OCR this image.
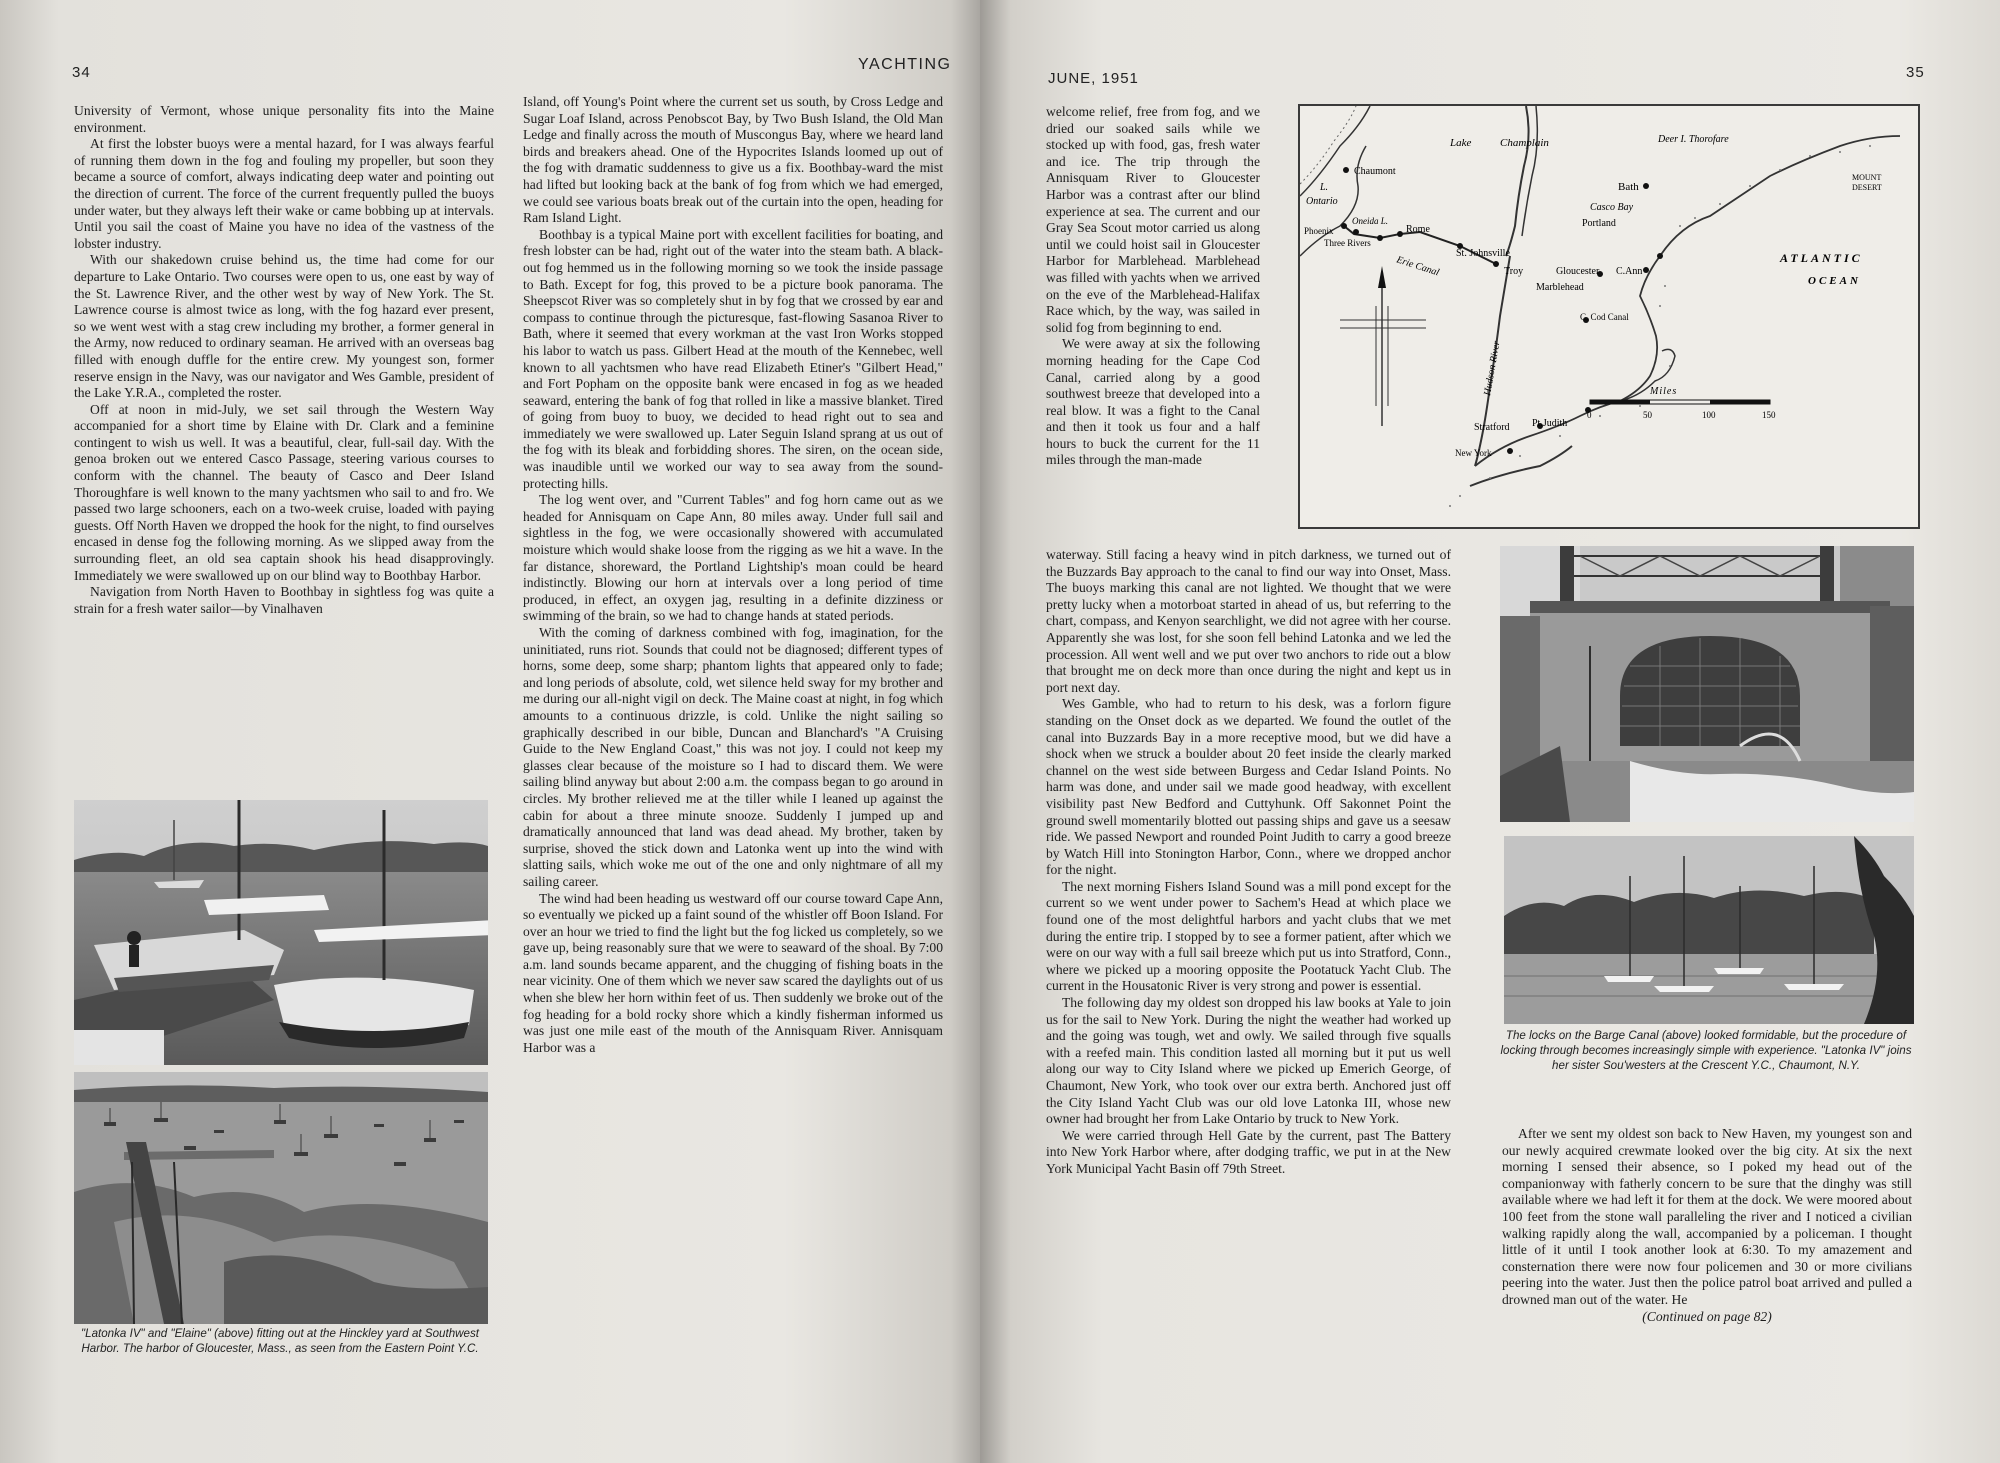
34	YACHTING

University of Vermont, whose unique personality fits into the Maine environment.

At first the lobster buoys were a mental hazard, for I was always fearful of running them down in the fog and fouling my propeller, but soon they became a source of comfort, always indicating deep water and pointing out the direction of current. The force of the current frequently pulled the buoys under water, but they always left their wake or came bobbing up at intervals. Until you sail the coast of Maine you have no idea of the vastness of the lobster industry.

With our shakedown cruise behind us, the time had come for our departure to Lake Ontario. Two courses were open to us, one east by way of the St. Lawrence River, and the other west by way of New York. The St. Lawrence course is almost twice as long, with the fog hazard ever present, so we went west with a stag crew including my brother, a former general in the Army, now reduced to ordinary seaman. He arrived with an overseas bag filled with enough duffle for the entire crew. My youngest son, former reserve ensign in the Navy, was our navigator and Wes Gamble, president of the Lake Y.R.A., completed the roster.

Off at noon in mid-July, we set sail through the Western Way accompanied for a short time by Elaine with Dr. Clark and a feminine contingent to wish us well. It was a beautiful, clear, full-sail day. With the genoa broken out we entered Casco Passage, steering various courses to conform with the channel. The beauty of Casco and Deer Island Thoroughfare is well known to the many yachtsmen who sail to and fro. We passed two large schooners, each on a two-week cruise, loaded with paying guests. Off North Haven we dropped the hook for the night, to find ourselves encased in dense fog the following morning. As we slipped away from the surrounding fleet, an old sea captain shook his head disapprovingly. Immediately we were swallowed up on our blind way to Boothbay Harbor.

Navigation from North Haven to Boothbay in sightless fog was quite a strain for a fresh water sailor—by Vinalhaven

Island, off Young's Point where the current set us south, by Cross Ledge and Sugar Loaf Island, across Penobscot Bay, by Two Bush Island, the Old Man Ledge and finally across the mouth of Muscongus Bay, where we heard land birds and breakers ahead. One of the Hypocrites Islands loomed up out of the fog with dramatic suddenness to give us a fix. Boothbay-ward the mist had lifted but looking back at the bank of fog from which we had emerged, we could see various boats break out of the curtain into the open, heading for Ram Island Light.

Boothbay is a typical Maine port with excellent facilities for boating, and fresh lobster can be had, right out of the water into the steam bath. A black-out fog hemmed us in the following morning so we took the inside passage to Bath. Except for fog, this proved to be a picture book panorama. The Sheepscot River was so completely shut in by fog that we crossed by ear and compass to continue through the picturesque, fast-flowing Sasanoa River to Bath, where it seemed that every workman at the vast Iron Works stopped his labor to watch us pass. Gilbert Head at the mouth of the Kennebec, well known to all yachtsmen who have read Elizabeth Etiner's "Gilbert Head," and Fort Popham on the opposite bank were encased in fog as we headed seaward, entering the bank of fog that rolled in like a massive blanket. Tired of going from buoy to buoy, we decided to head right out to sea and immediately we were swallowed up. Later Seguin Island sprang at us out of the fog with its bleak and forbidding shores. The siren, on the ocean side, was inaudible until we worked our way to sea away from the sound-protecting hills.

The log went over, and "Current Tables" and fog horn came out as we headed for Annisquam on Cape Ann, 80 miles away. Under full sail and sightless in the fog, we were occasionally showered with accumulated moisture which would shake loose from the rigging as we hit a wave. In the far distance, shoreward, the Portland Lightship's moan could be heard indistinctly. Blowing our horn at intervals over a long period of time produced, in effect, an oxygen jag, resulting in a definite dizziness or swimming of the brain, so we had to change hands at stated periods.

With the coming of darkness combined with fog, imagination, for the uninitiated, runs riot. Sounds that could not be diagnosed; different types of horns, some deep, some sharp; phantom lights that appeared only to fade; and long periods of absolute, cold, wet silence held sway for my brother and me during our all-night vigil on deck. The Maine coast at night, in fog which amounts to a continuous drizzle, is cold. Unlike the night sailing so graphically described in our bible, Duncan and Blanchard's "A Cruising Guide to the New England Coast," this was not joy. I could not keep my glasses clear because of the moisture so I had to discard them. We were sailing blind anyway but about 2:00 a.m. the compass began to go around in circles. My brother relieved me at the tiller while I leaned up against the cabin for about a three minute snooze. Suddenly I jumped up and dramatically announced that land was dead ahead. My brother, taken by surprise, shoved the stick down and Latonka went up into the wind with slatting sails, which woke me out of the one and only nightmare of all my sailing career.

The wind had been heading us westward off our course toward Cape Ann, so eventually we picked up a faint sound of the whistler off Boon Island. For over an hour we tried to find the light but the fog licked us completely, so we gave up, being reasonably sure that we were to seaward of the shoal. By 7:00 a.m. land sounds became apparent, and the chugging of fishing boats in the near vicinity. One of them which we never saw scared the daylights out of us when she blew her horn within feet of us. Then suddenly we broke out of the fog heading for a bold rocky shore which a kindly fisherman informed us was just one mile east of the mouth of the Annisquam River. Annisquam Harbor was a

"Latonka IV" and "Elaine" (above) fitting out at the Hinckley yard at Southwest Harbor. The harbor of Gloucester, Mass., as seen from the Eastern Point Y.C.
JUNE, 1951	35

welcome relief, free from fog, and we dried our soaked sails while we stocked up with food, gas, fresh water and ice. The trip through the Annisquam River to Gloucester Harbor was a contrast after our blind experience at sea. The current and our Gray Sea Scout motor carried us along until we could hoist sail in Gloucester Harbor for Marblehead. Marblehead was filled with yachts when we arrived on the eve of the Marblehead-Halifax Race which, by the way, was sailed in solid fog from beginning to end.

We were away at six the following morning heading for the Cape Cod Canal, carried along by a good southwest breeze that developed into a real blow. It was a fight to the Canal and then it took us four and a half hours to buck the current for the 11 miles through the man-made

waterway. Still facing a heavy wind in pitch darkness, we turned out of the Buzzards Bay approach to the canal to find our way into Onset, Mass. The buoys marking this canal are not lighted. We thought that we were pretty lucky when a motorboat started in ahead of us, but referring to the chart, compass, and Kenyon searchlight, we did not agree with her course. Apparently she was lost, for she soon fell behind Latonka and we led the procession. All went well and we put over two anchors to ride out a blow that brought me on deck more than once during the night and kept us in port next day.

Wes Gamble, who had to return to his desk, was a forlorn figure standing on the Onset dock as we departed. We found the outlet of the canal into Buzzards Bay in a more receptive mood, but we did have a shock when we struck a boulder about 20 feet inside the clearly marked channel on the west side between Burgess and Cedar Island Points. No harm was done, and under sail we made good headway, with excellent visibility past New Bedford and Cuttyhunk. Off Sakonnet Point the ground swell momentarily blotted out passing ships and gave us a seesaw ride. We passed Newport and rounded Point Judith to carry a good breeze by Watch Hill into Stonington Harbor, Conn., where we dropped anchor for the night.

The next morning Fishers Island Sound was a mill pond except for the current so we went under power to Sachem's Head at which place we found one of the most delightful harbors and yacht clubs that we met during the entire trip. I stopped by to see a former patient, after which we were on our way with a full sail breeze which put us into Stratford, Conn., where we picked up a mooring opposite the Pootatuck Yacht Club. The current in the Housatonic River is very strong and power is essential.

The following day my oldest son dropped his law books at Yale to join us for the sail to New York. During the night the weather had worked up and the going was tough, wet and owly. We sailed through five squalls with a reefed main. This condition lasted all morning but it put us well along our way to City Island where we picked up Emerich George, of Chaumont, New York, who took over our extra berth. Anchored just off the City Island Yacht Club was our old love Latonka III, whose new owner had brought her from Lake Ontario by truck to New York.

We were carried through Hell Gate by the current, past The Battery into New York Harbor where, after dodging traffic, we put in at the New York Municipal Yacht Basin off 79th Street.

Lake	Champlain	Deer I. Thorofare
MOUNT
DESERT
Bath
Casco Bay
Portland
ATLANTIC
OCEAN
Chaumont
L.
Ontario
Oneida L.
Phoenix
Three Rivers
Rome
St. Johnsville
Erie Canal	Troy
Hudson River
Gloucester C.Ann
Marblehead
C. Cod Canal
Stratford Pt.Judith
New York
Miles
0	50	100	150
The locks on the Barge Canal (above) looked formidable, but the procedure of locking through becomes increasingly simple with experience. "Latonka IV" joins her sister Sou'westers at the Crescent Y.C., Chaumont, N.Y.

After we sent my oldest son back to New Haven, my youngest son and our newly acquired crewmate looked over the big city. At six the next morning I sensed their absence, so I poked my head out of the companionway with fatherly concern to be sure that the dinghy was still available where we had left it for them at the dock. We were moored about 100 feet from the stone wall paralleling the river and I noticed a civilian walking rapidly along the wall, accompanied by a policeman. I thought little of it until I took another look at 6:30. To my amazement and consternation there were now four policemen and 30 or more civilians peering into the water. Just then the police patrol boat arrived and pulled a drowned man out of the water. He

(Continued on page 82)
